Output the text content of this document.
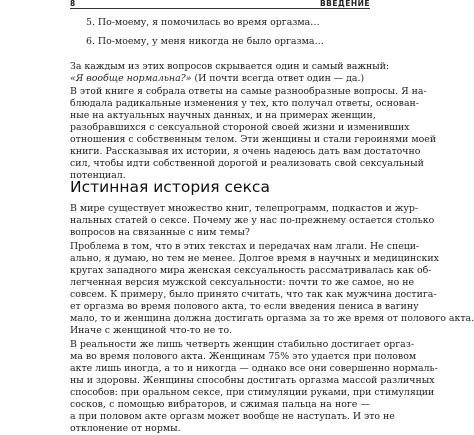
8	ВВЕДЕНИЕ
5. По-моему, я помочилась во время оргазма…
6. По-моему, у меня никогда не было оргазма…
За каждым из этих вопросов скрывается один и самый важный:
«Я вообще нормальна?» (И почти всегда ответ один — да.)
В этой книге я собрала ответы на самые разнообразные вопросы. Я на-
блюдала радикальные изменения у тех, кто получал ответы, основан-
ные на актуальных научных данных, и на примерах женщин,
разобравшихся с сексуальной стороной своей жизни и изменивших
отношения с собственным телом. Эти женщины и стали героинями моей
книги. Рассказывая их истории, я очень надеюсь дать вам достаточно
сил, чтобы идти собственной дорогой и реализовать свой сексуальный
потенциал.
Истинная история секса
В мире существует множество книг, телепрограмм, подкастов и жур-
нальных статей о сексе. Почему же у нас по-прежнему остается столько
вопросов на связанные с ним темы?
Проблема в том, что в этих текстах и передачах нам лгали. Не специ-
ально, я думаю, но тем не менее. Долгое время в научных и медицинских
кругах западного мира женская сексуальность рассматривалась как об-
легченная версия мужской сексуальности: почти то же самое, но не
совсем. К примеру, было принято считать, что так как мужчина достига-
ет оргазма во время полового акта, то если введения пениса в вагину
мало, то и женщина должна достигать оргазма за то же время от полового акта.
Иначе с женщиной что-то не то.
В реальности же лишь четверть женщин стабильно достигает оргаз-
ма во время полового акта. Женщинам 75% это удается при половом
акте лишь иногда, а то и никогда — однако все они совершенно нормаль-
ны и здоровы. Женщины способны достигать оргазма массой различных
способов: при оральном сексе, при стимуляции руками, при стимуляции
сосков, с помощью вибраторов, и сжимая пальца на ноге —
а при половом акте оргазм может вообще не наступать. И это не
отклонение от нормы.
